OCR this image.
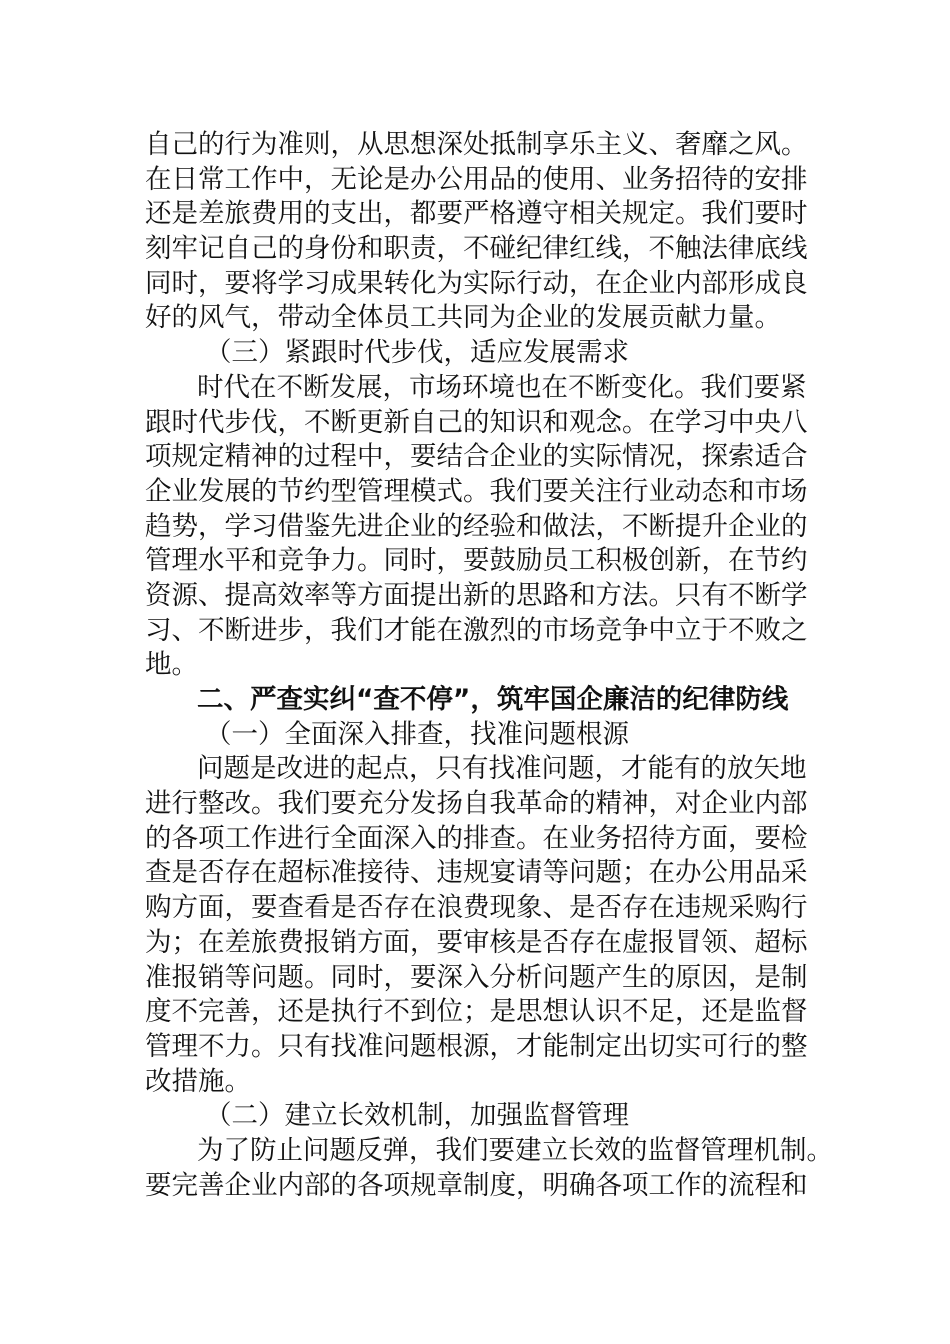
自己的行为准则，从思想深处抵制享乐主义、奢靡之风。
在日常工作中，无论是办公用品的使用、业务招待的安排
还是差旅费用的支出，都要严格遵守相关规定。我们要时
刻牢记自己的身份和职责，不碰纪律红线，不触法律底线
同时，要将学习成果转化为实际行动，在企业内部形成良
好的风气，带动全体员工共同为企业的发展贡献力量。
（三）紧跟时代步伐，适应发展需求
时代在不断发展，市场环境也在不断变化。我们要紧
跟时代步伐，不断更新自己的知识和观念。在学习中央八
项规定精神的过程中，要结合企业的实际情况，探索适合
企业发展的节约型管理模式。我们要关注行业动态和市场
趋势，学习借鉴先进企业的经验和做法，不断提升企业的
管理水平和竞争力。同时，要鼓励员工积极创新，在节约
资源、提高效率等方面提出新的思路和方法。只有不断学
习、不断进步，我们才能在激烈的市场竞争中立于不败之
地。
二、严查实纠“查不停”，筑牢国企廉洁的纪律防线
（一）全面深入排查，找准问题根源
问题是改进的起点，只有找准问题，才能有的放矢地
进行整改。我们要充分发扬自我革命的精神，对企业内部
的各项工作进行全面深入的排查。在业务招待方面，要检
查是否存在超标准接待、违规宴请等问题；在办公用品采
购方面，要查看是否存在浪费现象、是否存在违规采购行
为；在差旅费报销方面，要审核是否存在虚报冒领、超标
准报销等问题。同时，要深入分析问题产生的原因，是制
度不完善，还是执行不到位；是思想认识不足，还是监督
管理不力。只有找准问题根源，才能制定出切实可行的整
改措施。
（二）建立长效机制，加强监督管理
为了防止问题反弹，我们要建立长效的监督管理机制。
要完善企业内部的各项规章制度，明确各项工作的流程和
